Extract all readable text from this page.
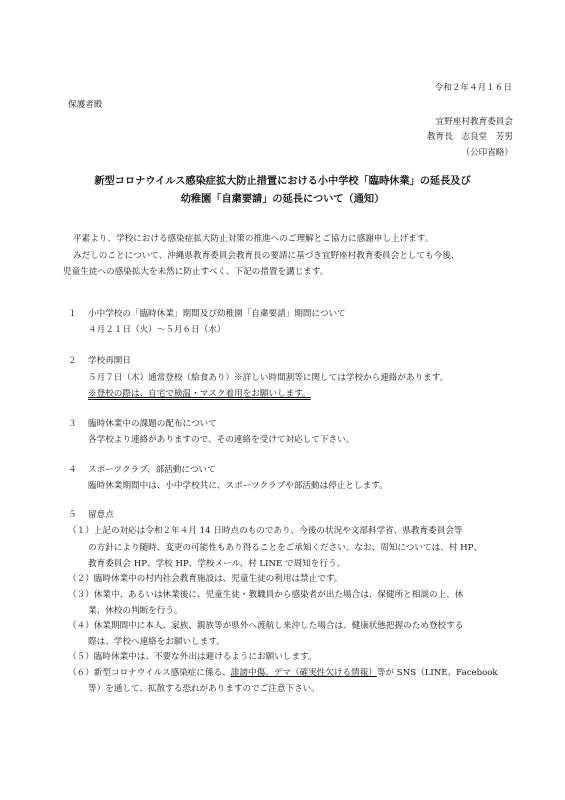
令和２年４月１６日
保護者殿
宜野座村教育委員会
教育長　志良堂　芳男
（公印省略）
新型コロナウイルス感染症拡大防止措置における小中学校「臨時休業」の延長及び
幼稚園「自粛要請」の延長について（通知）
平素より、学校における感染症拡大防止対策の推進へのご理解とご協力に感謝申し上げます。
みだしのことについて、沖縄県教育委員会教育長の要請に基づき宜野座村教育委員会としても今後、
児童生徒への感染拡大を未然に防止すべく、下記の措置を講じます。
１ 小中学校の「臨時休業」期間及び幼稚園「自粛要請」期間について
４月２１日（火）～５月６日（水）
２ 学校再開日
５月７日（木）通常登校（給食あり）※詳しい時間割等に関しては学校から連絡があります。
※登校の際は、自宅で検温・マスク着用をお願いします。
３ 臨時休業中の課題の配布について
各学校より連絡がありますので、その連絡を受けて対応して下さい。
４ スポーツクラブ、部活動について
臨時休業期間中は、小中学校共に、スポーツクラブや部活動は停止とします。
５ 留意点
（１）上記の対応は令和２年４月 14 日時点のものであり、今後の状況や文部科学省、県教育委員会等
の方針により随時、変更の可能性もあり得ることをご承知ください。なお、周知については、村 HP、
教育委員会 HP、学校 HP、学校メール、村 LINE で周知を行う。
（２）臨時休業中の村内社会教育施設は、児童生徒の利用は禁止です。
（３）休業中、あるいは休業後に、児童生徒・教職員から感染者が出た場合は、保健所と相談の上、休
業、休校の判断を行う。
（４）休業期間中に本人、家族、親族等が県外へ渡航し来沖した場合は、健康状態把握のため登校する
際は、学校へ連絡をお願いします。
（５）臨時休業中は、不要な外出は避けるようにお願いします。
（６）新型コロナウイルス感染症に係る、誹謗中傷、デマ（確実性欠ける情報）等が SNS（LINE、Facebook
等）を通して、拡散する恐れがありますのでご注意下さい。
